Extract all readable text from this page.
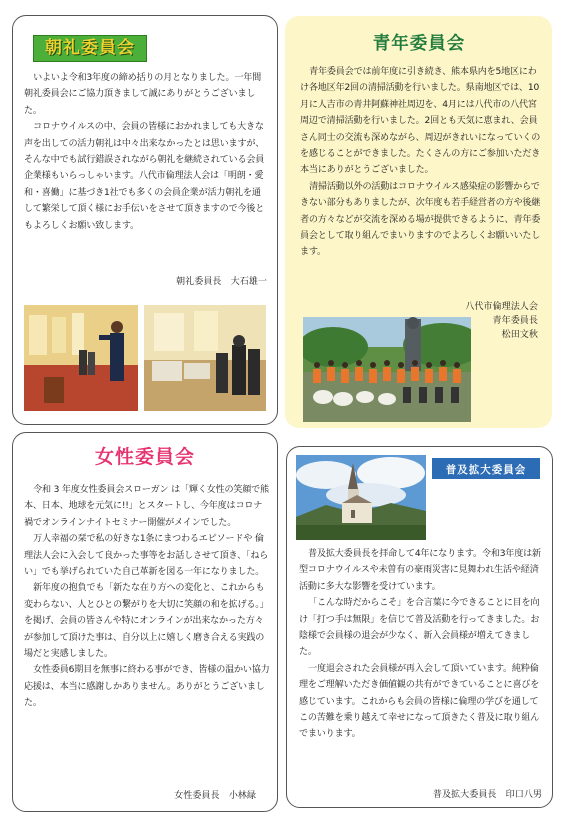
朝礼委員会

いよいよ令和3年度の締め括りの月となりました。一年間朝礼委員会にご協力頂きまして誠にありがとうございました。

コロナウイルスの中、会員の皆様におかれましても大きな声を出しての活力朝礼は中々出来なかったとは思いますが、そんな中でも試行錯誤されながら朝礼を継続されている会員企業様もいらっしゃいます。八代市倫理法人会は「明朗・愛和・喜働」に基づき1社でも多くの会員企業が活力朝礼を通して繁栄して頂く様にお手伝いをさせて頂きますので今後ともよろしくお願い致します。

朝礼委員長　大石雄一
青年委員会

青年委員会では前年度に引き続き、熊本県内を5地区にわけ各地区年2回の清掃活動を行いました。県南地区では、10月に人吉市の青井阿蘇神社周辺を、4月には八代市の八代宮周辺で清掃活動を行いました。2回とも天気に恵まれ、会員さん同士の交流も深めながら、周辺がきれいになっていくのを感じることができました。たくさんの方にご参加いただき本当にありがとうございました。

清掃活動以外の活動はコロナウイルス感染症の影響からできない部分もありましたが、次年度も若手経営者の方や後継者の方々などが交流を深める場が提供できるように、青年委員会として取り組んでまいりますのでよろしくお願いいたします。

八代市倫理法人会
青年委員長
松田文秋
女性委員会

令和 3 年度女性委員会スローガン は「輝く女性の笑顔で熊本、日本、地球を元気に!!」とスタートし、今年度はコロナ禍でオンラインナイトセミナー開催がメインでした。

万人幸福の栞で私の好きな1条にまつわるエピソードや 倫理法人会に入会して良かった事等をお話しさせて頂き、「ねらい」でも挙げられていた自己革新を図る一年になりました。

新年度の抱負でも「新たな在り方への変化と、これからも変わらない、人とひとの繋がりを大切に笑顔の和を拡げる。」を掲げ、会員の皆さんや特にオンラインが出来なかった方々が参加して頂けた事は、自分以上に嬉しく磨き合える実践の場だと実感しました。

女性委員6期目を無事に終わる事ができ、皆様の温かい協力応援は、本当に感謝しかありません。ありがとうございました。

女性委員長　小林緑
普及拡大委員会

普及拡大委員長を拝命して4年になります。令和3年度は新型コロナウイルスや未曽有の豪雨災害に見舞われ生活や経済活動に多大な影響を受けています。

「こんな時だからこそ」を合言葉に今できることに目を向け「打つ手は無限」を信じて普及活動を行ってきました。お陰様で会員様の退会が少なく、新入会員様が増えてきました。

一度退会された会員様が再入会して頂いています。純粋倫理をご理解いただき価値観の共有ができていることに喜びを感じています。これからも会員の皆様に倫理の学びを通してこの苦難を乗り越えて幸せになって頂きたく普及に取り組んでまいります。

普及拡大委員長　印口八男
